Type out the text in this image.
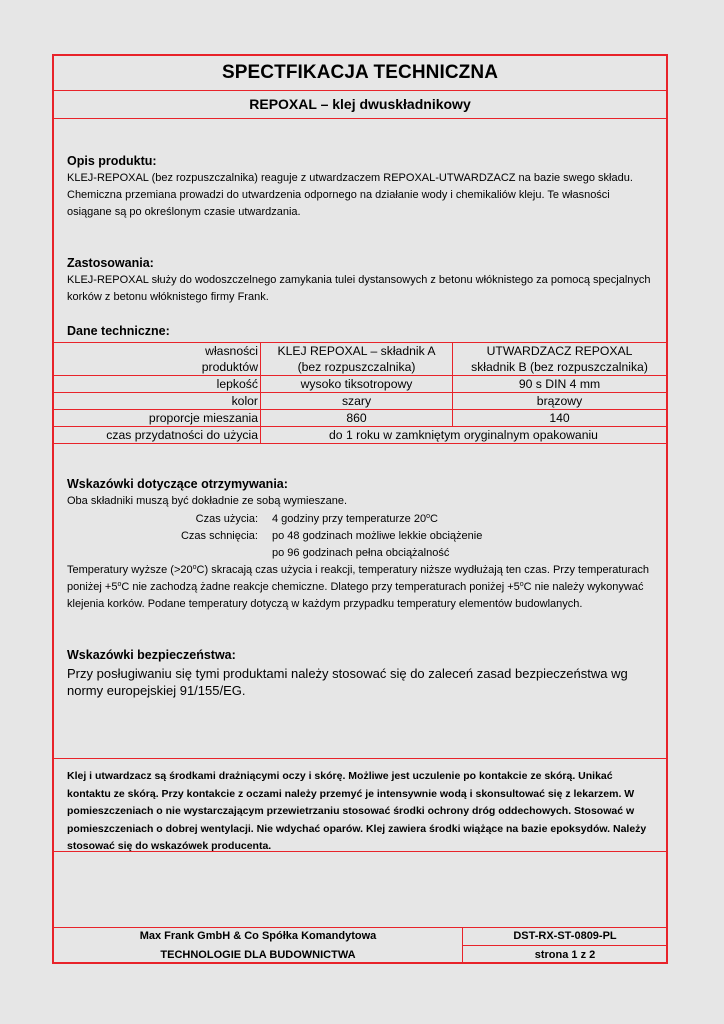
SPECTFIKACJA TECHNICZNA
REPOXAL – klej dwuskładnikowy
Opis produktu:
KLEJ-REPOXAL (bez rozpuszczalnika) reaguje z utwardzaczem REPOXAL-UTWARDZACZ na bazie swego składu. Chemiczna przemiana prowadzi do utwardzenia odpornego na działanie wody i chemikaliów kleju. Te własności osiągane są po określonym czasie utwardzania.
Zastosowania:
KLEJ-REPOXAL służy do wodoszczelnego zamykania tulei dystansowych z betonu włóknistego za pomocą specjalnych korków z betonu włóknistego firmy Frank.
Dane techniczne:
własności	KLEJ REPOXAL – składnik A	UTWARDZACZ REPOXAL
produktów	(bez rozpuszczalnika)	składnik B (bez rozpuszczalnika)
lepkość	wysoko tiksotropowy	90 s DIN 4 mm
kolor	szary	brązowy
proporcje mieszania	860	140
czas przydatności do użycia	do 1 roku w zamkniętym oryginalnym opakowaniu	
Wskazówki dotyczące otrzymywania:
Oba składniki muszą być dokładnie ze sobą wymieszane.
Czas użycia: 4 godziny przy temperaturze 20$^o$C
Czas schnięcia: po 48 godzinach możliwe lekkie obciążenie
po 96 godzinach pełna obciążalność
Temperatury wyższe $(>20^oC)$ skracają czas użycia i reakcji, temperatury niższe wydłużają ten czas. Przy temperaturach poniżej $+5^oC$ nie zachodzą żadne reakcje chemiczne. Dlatego przy temperaturach poniżej $+5^oC$ nie należy wykonywać klejenia korków. Podane temperatury dotyczą w każdym przypadku temperatury elementów budowlanych.
Wskazówki bezpieczeństwa:
Przy posługiwaniu się tymi produktami należy stosować się do zaleceń zasad bezpieczeństwa wg normy europejskiej 91/155/EG.
Klej i utwardzacz są środkami drażniącymi oczy i skórę. Możliwe jest uczulenie po kontakcie ze skórą. Unikać kontaktu ze skórą. Przy kontakcie z oczami należy przemyć je intensywnie wodą i skonsultować się z lekarzem. W pomieszczeniach o nie wystarczającym przewietrzaniu stosować środki ochrony dróg oddechowych. Stosować w pomieszczeniach o dobrej wentylacji. Nie wdychać oparów. Klej zawiera środki wiążące na bazie epoksydów. Należy stosować się do wskazówek producenta.
Max Frank GmbH & Co Spółka Komandytowa
TECHNOLOGIE DLA BUDOWNICTWA
DST-RX-ST-0809-PL
strona 1 z 2
